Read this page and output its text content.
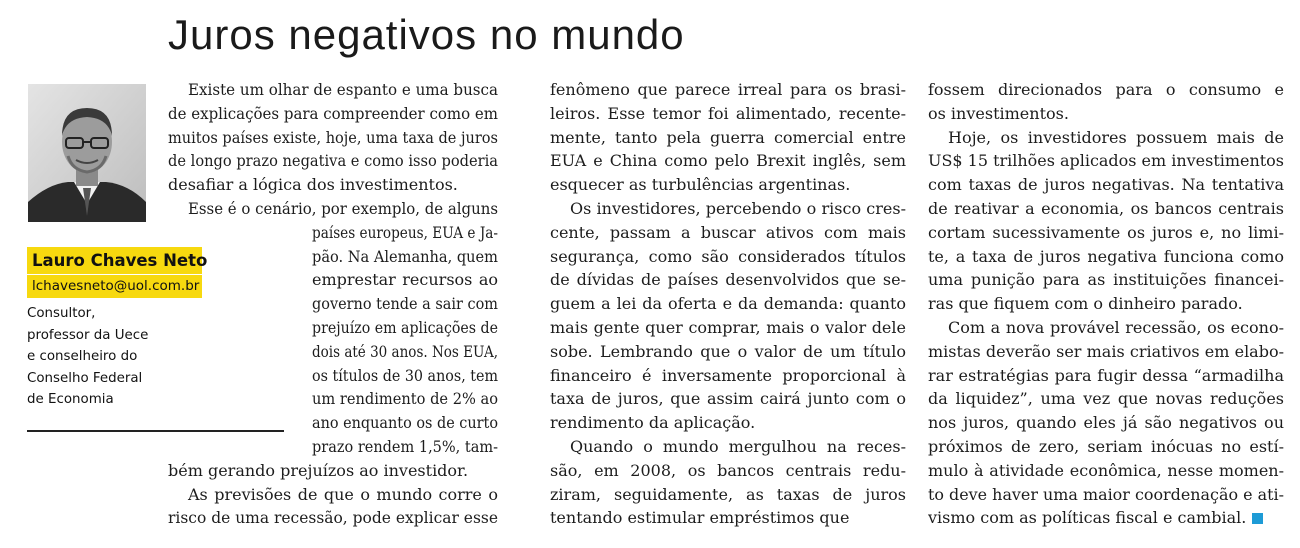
Juros negativos no mundo
Lauro Chaves Neto
lchavesneto@uol.com.br
Consultor,
professor da Uece
e conselheiro do
Conselho Federal
de Economia
Existe um olhar de espanto e uma busca
de explicações para compreender como em
muitos países existe, hoje, uma taxa de juros
de longo prazo negativa e como isso poderia
desafiar a lógica dos investimentos.
Esse é o cenário, por exemplo, de alguns
países europeus, EUA e Ja-
pão. Na Alemanha, quem
emprestar recursos ao
governo tende a sair com
prejuízo em aplicações de
dois até 30 anos. Nos EUA,
os títulos de 30 anos, tem
um rendimento de 2% ao
ano enquanto os de curto
prazo rendem 1,5%, tam-
bém gerando prejuízos ao investidor.
As previsões de que o mundo corre o
risco de uma recessão, pode explicar esse
fenômeno que parece irreal para os brasi-
leiros. Esse temor foi alimentado, recente-
mente, tanto pela guerra comercial entre
EUA e China como pelo Brexit inglês, sem
esquecer as turbulências argentinas.
Os investidores, percebendo o risco cres-
cente, passam a buscar ativos com mais
segurança, como são considerados títulos
de dívidas de países desenvolvidos que se-
guem a lei da oferta e da demanda: quanto
mais gente quer comprar, mais o valor dele
sobe. Lembrando que o valor de um título
financeiro é inversamente proporcional à
taxa de juros, que assim cairá junto com o
rendimento da aplicação.
Quando o mundo mergulhou na reces-
são, em 2008, os bancos centrais redu-
ziram, seguidamente, as taxas de juros
tentando estimular empréstimos que
fossem direcionados para o consumo e
os investimentos.
Hoje, os investidores possuem mais de
US$ 15 trilhões aplicados em investimentos
com taxas de juros negativas. Na tentativa
de reativar a economia, os bancos centrais
cortam sucessivamente os juros e, no limi-
te, a taxa de juros negativa funciona como
uma punição para as instituições financei-
ras que fiquem com o dinheiro parado.
Com a nova provável recessão, os econo-
mistas deverão ser mais criativos em elabo-
rar estratégias para fugir dessa “armadilha
da liquidez”, uma vez que novas reduções
nos juros, quando eles já são negativos ou
próximos de zero, seriam inócuas no estí-
mulo à atividade econômica, nesse momen-
to deve haver uma maior coordenação e ati-
vismo com as políticas fiscal e cambial.
